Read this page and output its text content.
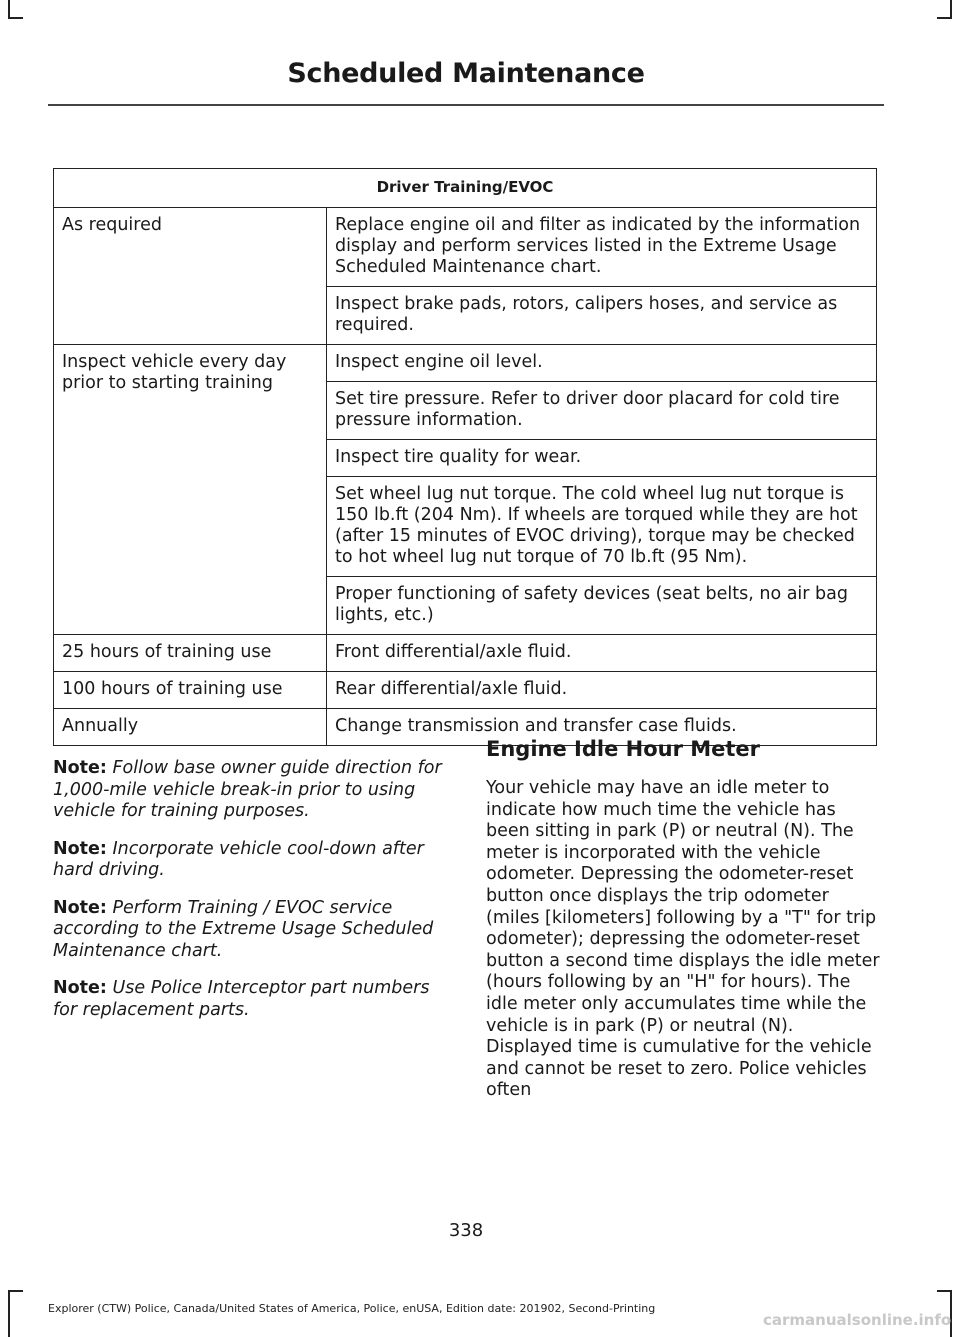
Scheduled Maintenance
Driver Training/EVOC	
As required	Replace engine oil and filter as indicated by the information display and perform services listed in the Extreme Usage Scheduled Maintenance chart.
	Inspect brake pads, rotors, calipers hoses, and service as required.
Inspect vehicle every day prior to starting training	Inspect engine oil level.
	Set tire pressure. Refer to driver door placard for cold tire pressure information.
	Inspect tire quality for wear.
	Set wheel lug nut torque. The cold wheel lug nut torque is 150 lb.ft (204 Nm). If wheels are torqued while they are hot (after 15 minutes of EVOC driving), torque may be checked to hot wheel lug nut torque of 70 lb.ft (95 Nm).
	Proper functioning of safety devices (seat belts, no air bag lights, etc.)
25 hours of training use	Front differential/axle fluid.
100 hours of training use	Rear differential/axle fluid.
Annually	Change transmission and transfer case fluids.

Note: Follow base owner guide direction for 1,000-mile vehicle break-in prior to using vehicle for training purposes.

Note: Incorporate vehicle cool-down after hard driving.

Note: Perform Training / EVOC service according to the Extreme Usage Scheduled Maintenance chart.

Note: Use Police Interceptor part numbers for replacement parts.

Engine Idle Hour Meter

Your vehicle may have an idle meter to indicate how much time the vehicle has been sitting in park (P) or neutral (N). The meter is incorporated with the vehicle odometer. Depressing the odometer-reset button once displays the trip odometer (miles [kilometers] following by a "T" for trip odometer); depressing the odometer-reset button a second time displays the idle meter (hours following by an "H" for hours). The idle meter only accumulates time while the vehicle is in park (P) or neutral (N). Displayed time is cumulative for the vehicle and cannot be reset to zero. Police vehicles often

338
Explorer (CTW) Police, Canada/United States of America, Police, enUSA, Edition date: 201902, Second-Printing
carmanualsonline.info
